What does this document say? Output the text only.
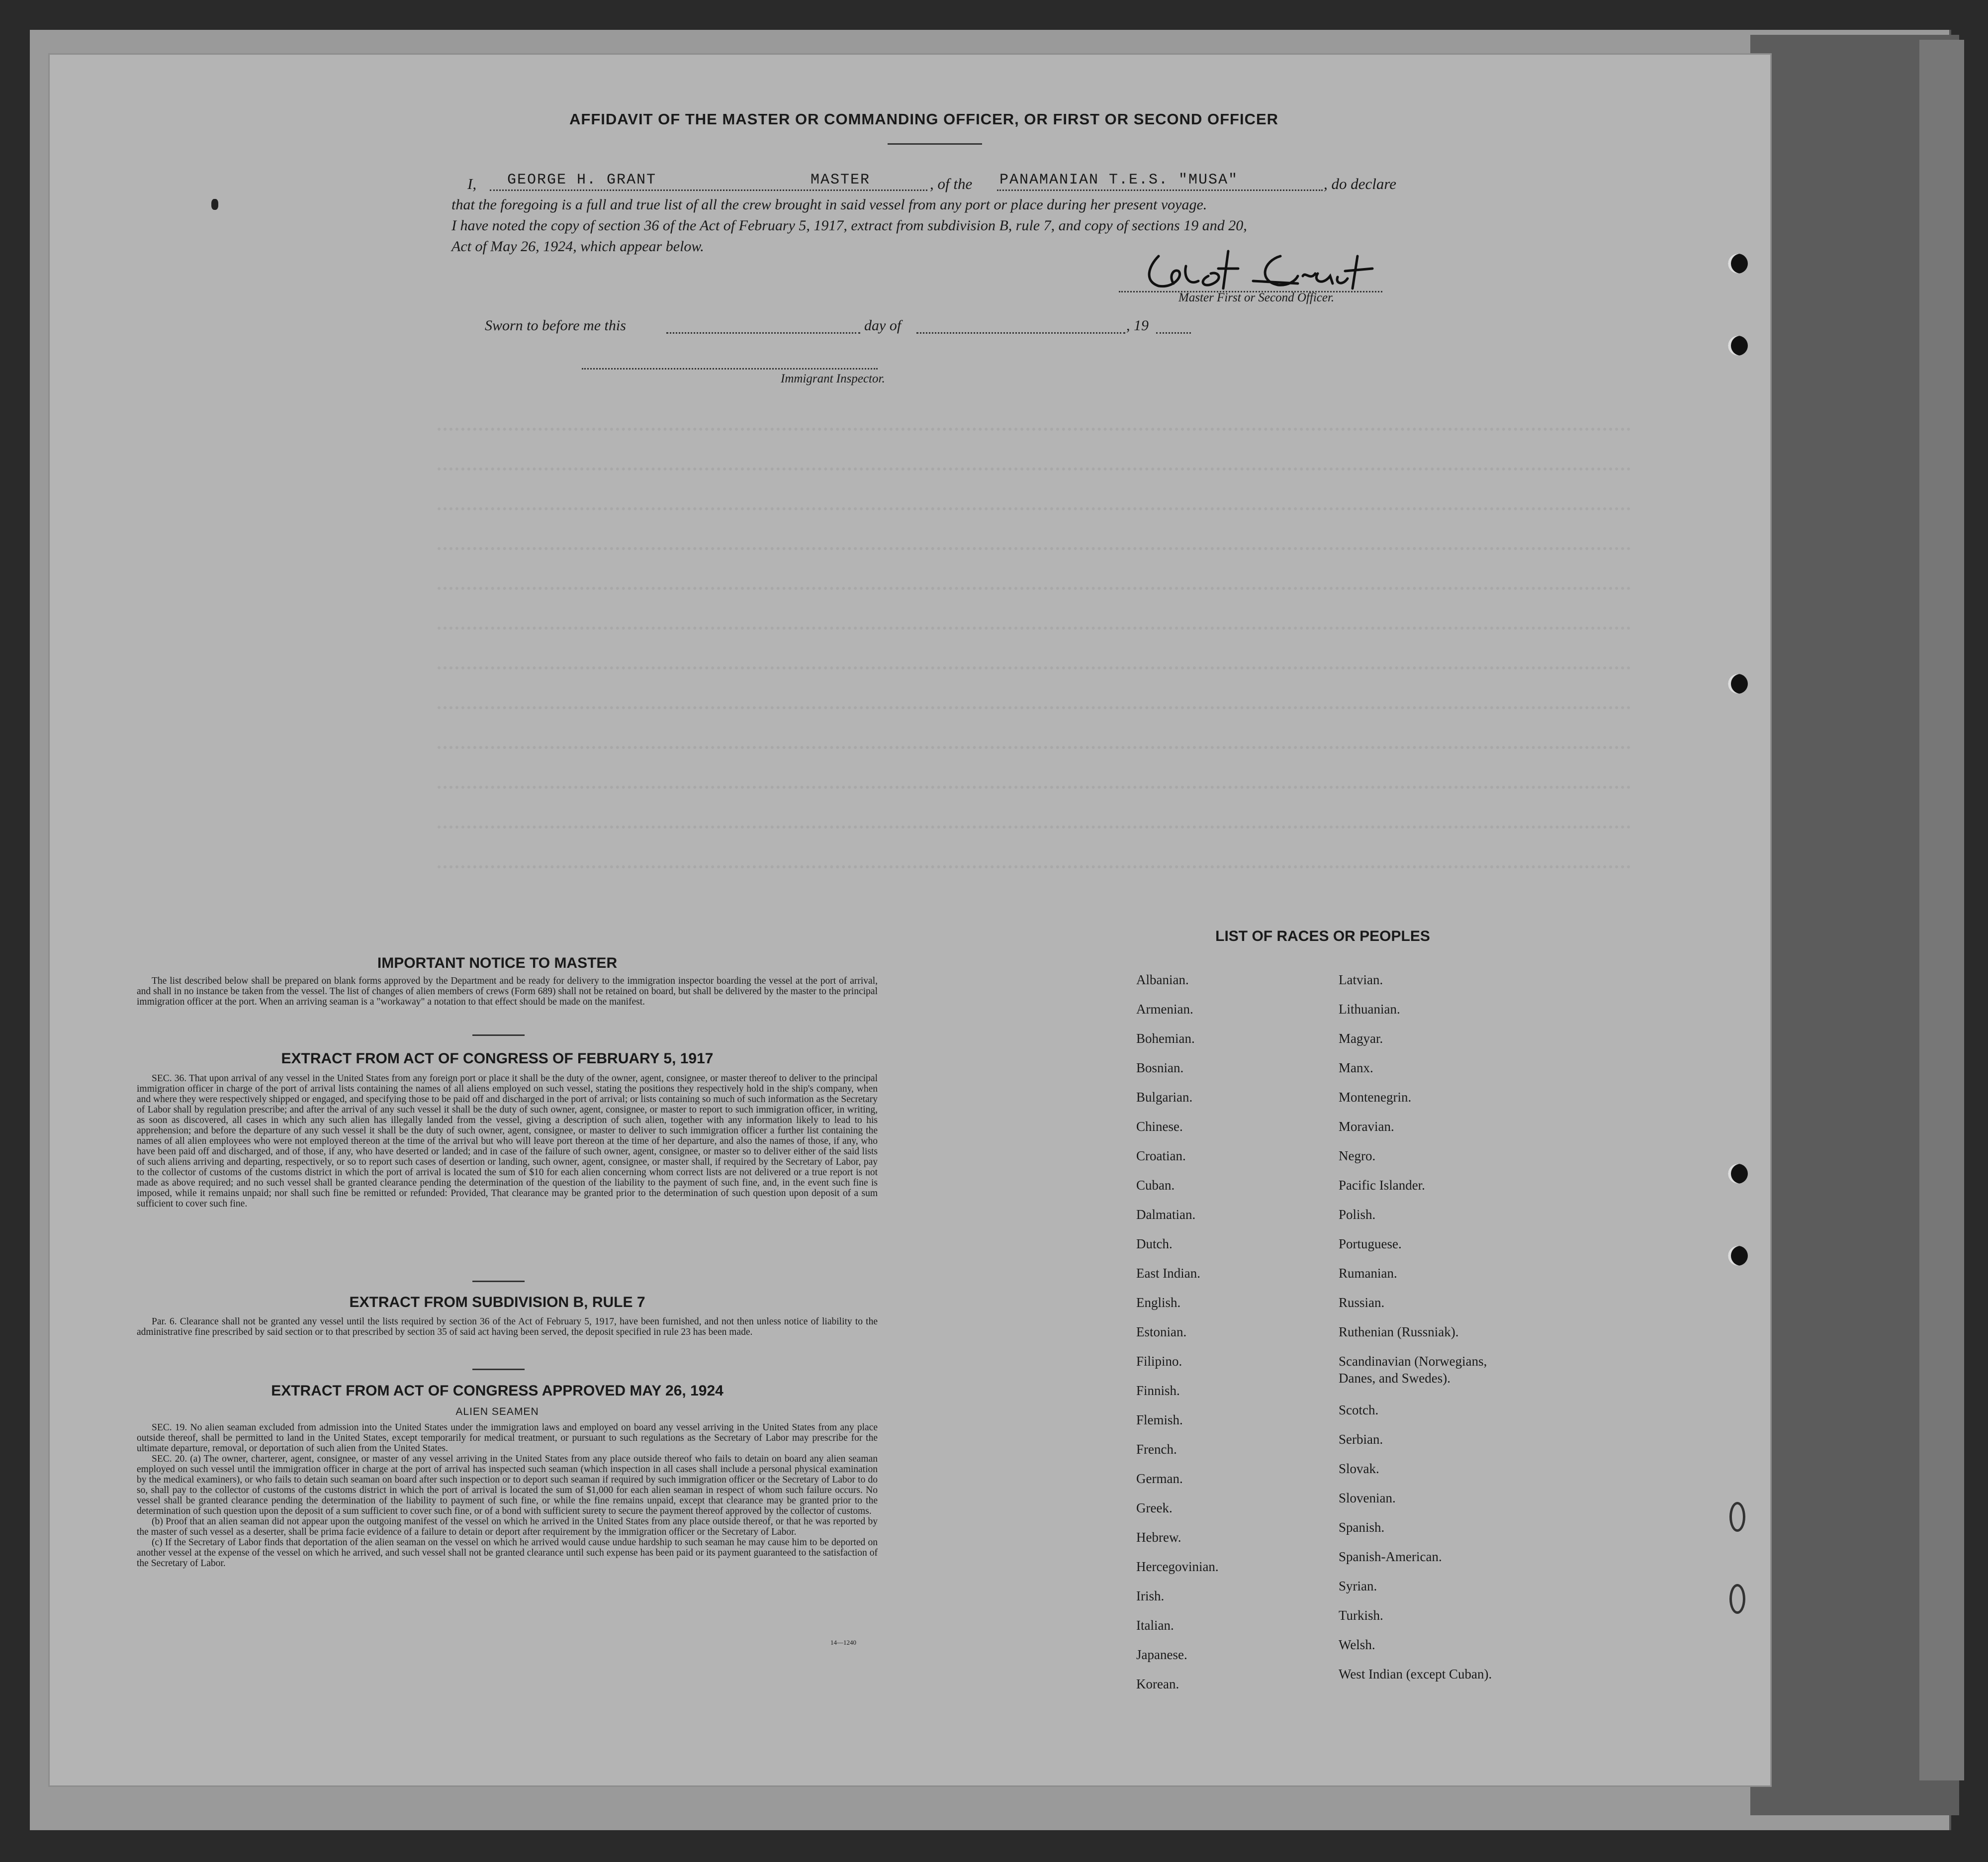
AFFIDAVIT OF THE MASTER OR COMMANDING OFFICER, OR FIRST OR SECOND OFFICER
I, GEORGE H. GRANT	MASTER	, of the PANAMANIAN T.E.S. "MUSA"	, do declare
that the foregoing is a full and true list of all the crew brought in said vessel from any port or place during her present voyage.
I have noted the copy of section 36 of the Act of February 5, 1917, extract from subdivision B, rule 7, and copy of sections 19 and 20,
Act of May 26, 1924, which appear below.
Master First or Second Officer.
Sworn to before me this	day of	, 19
Immigrant Inspector.
IMPORTANT NOTICE TO MASTER
The list described below shall be prepared on blank forms approved by the Department and be ready for delivery to the immigration inspector boarding the vessel at the port of arrival, and shall in no instance be taken from the vessel. The list of changes of alien members of crews (Form 689) shall not be retained on board, but shall be delivered by the master to the principal immigration officer at the port. When an arriving seaman is a "workaway" a notation to that effect should be made on the manifest.
EXTRACT FROM ACT OF CONGRESS OF FEBRUARY 5, 1917
SEC. 36. That upon arrival of any vessel in the United States from any foreign port or place it shall be the duty of the owner, agent, consignee, or master thereof to deliver to the principal immigration officer in charge of the port of arrival lists containing the names of all aliens employed on such vessel, stating the positions they respectively hold in the ship's company, when and where they were respectively shipped or engaged, and specifying those to be paid off and discharged in the port of arrival; or lists containing so much of such information as the Secretary of Labor shall by regulation prescribe; and after the arrival of any such vessel it shall be the duty of such owner, agent, consignee, or master to report to such immigration officer, in writing, as soon as discovered, all cases in which any such alien has illegally landed from the vessel, giving a description of such alien, together with any information likely to lead to his apprehension; and before the departure of any such vessel it shall be the duty of such owner, agent, consignee, or master to deliver to such immigration officer a further list containing the names of all alien employees who were not employed thereon at the time of the arrival but who will leave port thereon at the time of her departure, and also the names of those, if any, who have been paid off and discharged, and of those, if any, who have deserted or landed; and in case of the failure of such owner, agent, consignee, or master so to deliver either of the said lists of such aliens arriving and departing, respectively, or so to report such cases of desertion or landing, such owner, agent, consignee, or master shall, if required by the Secretary of Labor, pay to the collector of customs of the customs district in which the port of arrival is located the sum of $10 for each alien concerning whom correct lists are not delivered or a true report is not made as above required; and no such vessel shall be granted clearance pending the determination of the question of the liability to the payment of such fine, and, in the event such fine is imposed, while it remains unpaid; nor shall such fine be remitted or refunded: Provided, That clearance may be granted prior to the determination of such question upon deposit of a sum sufficient to cover such fine.
EXTRACT FROM SUBDIVISION B, RULE 7
Par. 6. Clearance shall not be granted any vessel until the lists required by section 36 of the Act of February 5, 1917, have been furnished, and not then unless notice of liability to the administrative fine prescribed by said section or to that prescribed by section 35 of said act having been served, the deposit specified in rule 23 has been made.
EXTRACT FROM ACT OF CONGRESS APPROVED MAY 26, 1924
ALIEN SEAMEN
SEC. 19. No alien seaman excluded from admission into the United States under the immigration laws and employed on board any vessel arriving in the United States from any place outside thereof, shall be permitted to land in the United States, except temporarily for medical treatment, or pursuant to such regulations as the Secretary of Labor may prescribe for the ultimate departure, removal, or deportation of such alien from the United States.
SEC. 20. (a) The owner, charterer, agent, consignee, or master of any vessel arriving in the United States from any place outside thereof who fails to detain on board any alien seaman employed on such vessel until the immigration officer in charge at the port of arrival has inspected such seaman (which inspection in all cases shall include a personal physical examination by the medical examiners), or who fails to detain such seaman on board after such inspection or to deport such seaman if required by such immigration officer or the Secretary of Labor to do so, shall pay to the collector of customs of the customs district in which the port of arrival is located the sum of $1,000 for each alien seaman in respect of whom such failure occurs. No vessel shall be granted clearance pending the determination of the liability to payment of such fine, or while the fine remains unpaid, except that clearance may be granted prior to the determination of such question upon the deposit of a sum sufficient to cover such fine, or of a bond with sufficient surety to secure the payment thereof approved by the collector of customs.
(b) Proof that an alien seaman did not appear upon the outgoing manifest of the vessel on which he arrived in the United States from any place outside thereof, or that he was reported by the master of such vessel as a deserter, shall be prima facie evidence of a failure to detain or deport after requirement by the immigration officer or the Secretary of Labor.
(c) If the Secretary of Labor finds that deportation of the alien seaman on the vessel on which he arrived would cause undue hardship to such seaman he may cause him to be deported on another vessel at the expense of the vessel on which he arrived, and such vessel shall not be granted clearance until such expense has been paid or its payment guaranteed to the satisfaction of the Secretary of Labor.
14—1240
LIST OF RACES OR PEOPLES
Albanian.
Armenian.
Bohemian.
Bosnian.
Bulgarian.
Chinese.
Croatian.
Cuban.
Dalmatian.
Dutch.
East Indian.
English.
Estonian.
Filipino.
Finnish.
Flemish.
French.
German.
Greek.
Hebrew.
Hercegovinian.
Irish.
Italian.
Japanese.
Korean.
Latvian.
Lithuanian.
Magyar.
Manx.
Montenegrin.
Moravian.
Negro.
Pacific Islander.
Polish.
Portuguese.
Rumanian.
Russian.
Ruthenian (Russniak).
Scandinavian (Norwegians,
Danes, and Swedes).
Scotch.
Serbian.
Slovak.
Slovenian.
Spanish.
Spanish-American.
Syrian.
Turkish.
Welsh.
West Indian (except Cuban).
